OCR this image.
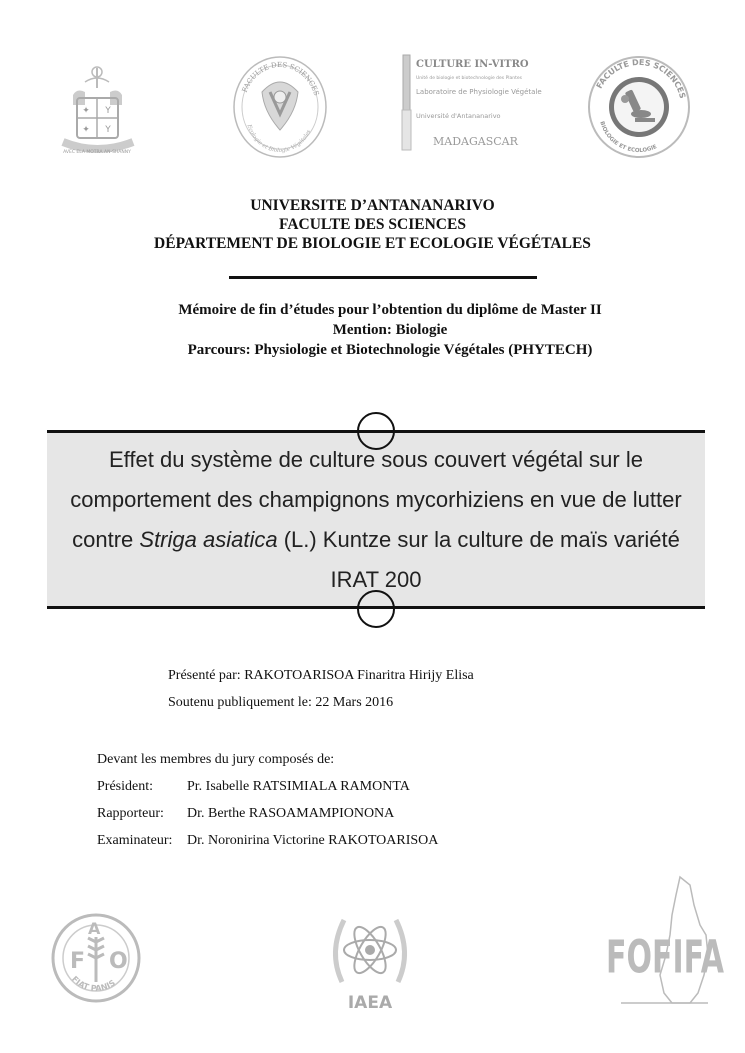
✦ Y
✦ Y
AVEC ELA MOTRA AN-SHANNY
FACULTE DES SCIENCES
Ecologie et Biologie Végétales
CULTURE IN-VITRO
Unité de biologie et biotechnologie des Plantes
Laboratoire de Physiologie Végétale
Université d'Antananarivo
MADAGASCAR
FACULTE DES SCIENCES
BIOLOGIE ET ECOLOGIE
UNIVERSITE D’ANTANANARIVO
FACULTE DES SCIENCES
DÉPARTEMENT DE BIOLOGIE ET ECOLOGIE VÉGÉTALES
Mémoire de fin d’études pour l’obtention du diplôme de Master II
Mention: Biologie
Parcours: Physiologie et Biotechnologie Végétales (PHYTECH)
Effet du système de culture sous couvert végétal sur le comportement des champignons mycorhiziens en vue de lutter contre Striga asiatica (L.) Kuntze sur la culture de maïs variété IRAT 200
Présenté par: RAKOTOARISOA Finaritra Hirijy Elisa
Soutenu publiquement le: 22 Mars 2016
Devant les membres du jury composés de:
Président: Pr. Isabelle RATSIMIALA RAMONTA
Rapporteur: Dr. Berthe RASOAMAMPIONONA
Examinateur: Dr. Noronirina Victorine RAKOTOARISOA
F
A
O
FIAT PANIS
IAEA
FOFIFA
